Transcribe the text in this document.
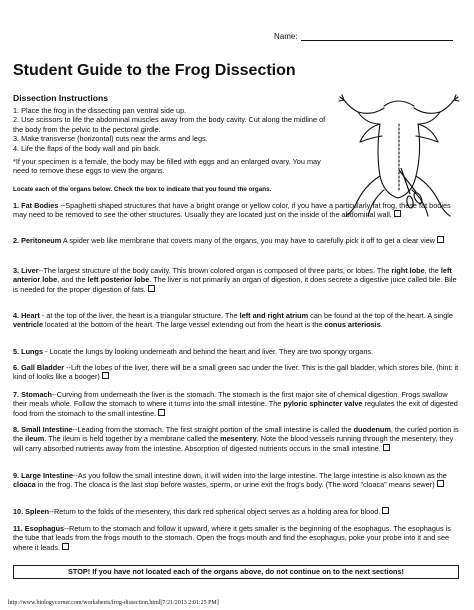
Name:
Student Guide to the Frog Dissection
Dissection Instructions
1. Place the frog in the dissecting pan ventral side up.
2. Use scissors to life the abdominal muscles away from the body cavity. Cut along the midline of the body from the pelvic to the pectoral girdle.
3. Make transverse (horizontal) cuts near the arms and legs.
4. Life the flaps of the body wall and pin back.
*If your specimen is a female, the body may be filled with eggs and an enlarged ovary. You may need to remove these eggs to view the organs.
Locate each of the organs below. Check the box to indicate that you found the organs.
1. Fat Bodies --Spaghetti shaped structures that have a bright orange or yellow color, if you have a particularly fat frog, these fat bodies may need to be removed to see the other structures. Usually they are located just on the inside of the abdominal wall.
2. Peritoneum A spider web like membrane that covers many of the organs, you may have to carefully pick it off to get a clear view
3. Liver--The largest structure of the body cavity. This brown colored organ is composed of three parts, or lobes. The right lobe, the left anterior lobe, and the left posterior lobe. The liver is not primarily an organ of digestion, it does secrete a digestive juice called bile. Bile is needed for the proper digestion of fats.
4. Heart - at the top of the liver, the heart is a triangular structure. The left and right atrium can be found at the top of the heart. A single ventricle located at the bottom of the heart. The large vessel extending out from the heart is the conus arteriosis.
5. Lungs - Locate the lungs by looking underneath and behind the heart and liver. They are two spongy organs.
6. Gall Bladder --Lift the lobes of the liver, there will be a small green sac under the liver. This is the gall bladder, which stores bile. (hint: it kind of looks like a booger)
7. Stomach--Curving from underneath the liver is the stomach. The stomach is the first major site of chemical digestion. Frogs swallow their meals whole. Follow the stomach to where it turns into the small intestine. The pyloric sphincter valve regulates the exit of digested food from the stomach to the small intestine.
8. Small Intestine--Leading from the stomach. The first straight portion of the small intestine is called the duodenum, the curled portion is the ileum. The ileum is held together by a membrane called the mesentery. Note the blood vessels running through the mesentery, they will carry absorbed nutrients away from the intestine. Absorption of digested nutrients occurs in the small intestine.
9. Large Intestine--As you follow the small intestine down, it will widen into the large intestine. The large intestine is also known as the cloaca in the frog. The cloaca is the last stop before wastes, sperm, or urine exit the frog's body. (The word "cloaca" means sewer)
10. Spleen--Return to the folds of the mesentery, this dark red spherical object serves as a holding area for blood.
11. Esophagus--Return to the stomach and follow it upward, where it gets smaller is the beginning of the esophagus. The esophagus is the tube that leads from the frogs mouth to the stomach. Open the frogs mouth and find the esophagus, poke your probe into it and see where it leads.
STOP! If you have not located each of the organs above, do not continue on to the next sections!
http://www.biologycorner.com/worksheets/frog-dissection.html[7/21/2013 2:01:25 PM]
